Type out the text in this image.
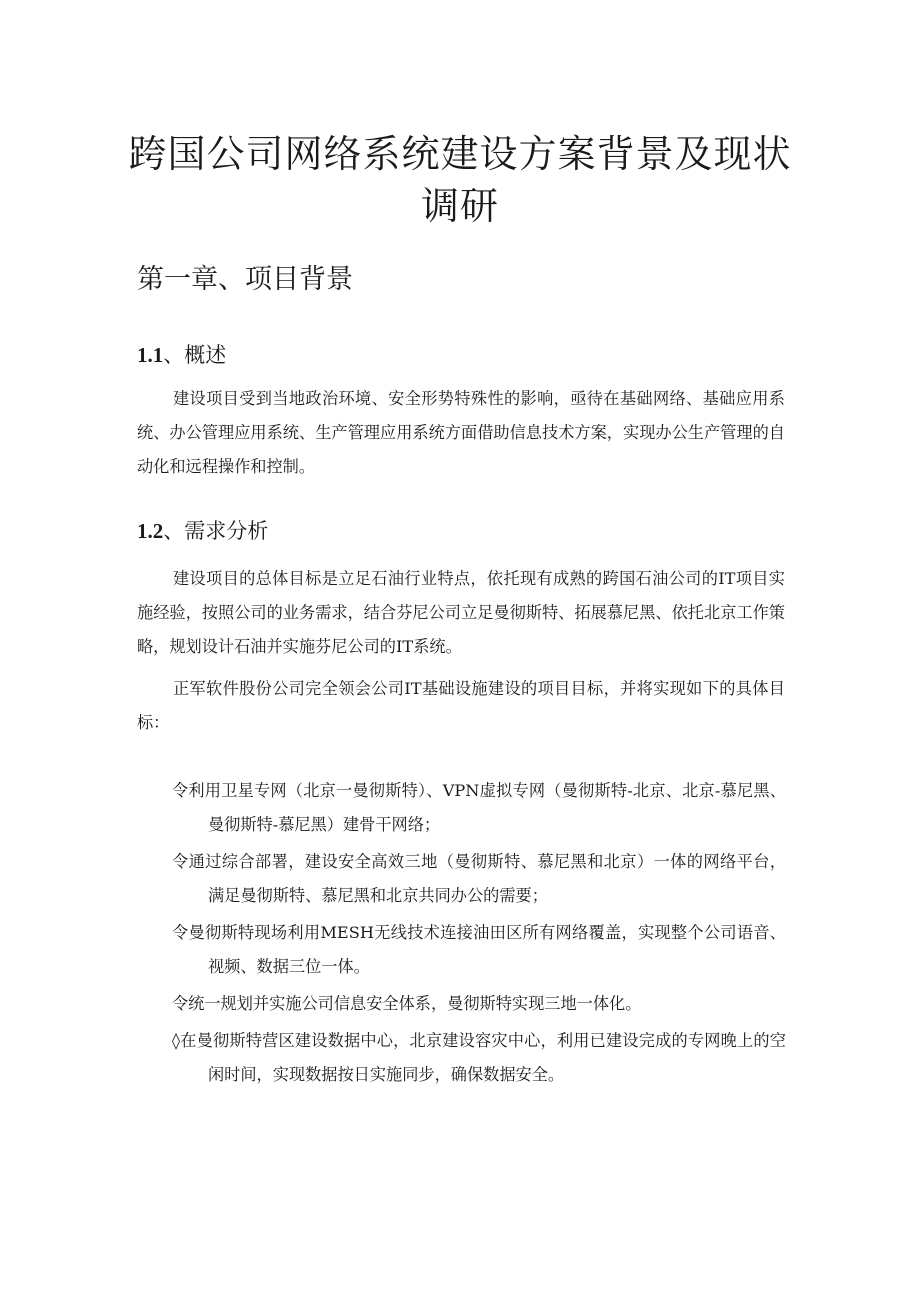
跨国公司网络系统建设方案背景及现状调研
第一章、项目背景
1.1、概述

建设项目受到当地政治环境、安全形势特殊性的影响，亟待在基础网络、基础应用系统、办公管理应用系统、生产管理应用系统方面借助信息技术方案，实现办公生产管理的自动化和远程操作和控制。

1.2、需求分析

建设项目的总体目标是立足石油行业特点，依托现有成熟的跨国石油公司的IT项目实施经验，按照公司的业务需求，结合芬尼公司立足曼彻斯特、拓展慕尼黑、依托北京工作策略，规划设计石油并实施芬尼公司的IT系统。

正军软件股份公司完全领会公司IT基础设施建设的项目目标，并将实现如下的具体目标：

令利用卫星专网（北京一曼彻斯特）、VPN虚拟专网（曼彻斯特-北京、北京-慕尼黑、曼彻斯特-慕尼黑）建骨干网络；
令通过综合部署，建设安全高效三地（曼彻斯特、慕尼黑和北京）一体的网络平台，满足曼彻斯特、慕尼黑和北京共同办公的需要；
令曼彻斯特现场利用MESH无线技术连接油田区所有网络覆盖，实现整个公司语音、视频、数据三位一体。
令统一规划并实施公司信息安全体系，曼彻斯特实现三地一体化。
◊在曼彻斯特营区建设数据中心，北京建设容灾中心，利用已建设完成的专网晚上的空闲时间，实现数据按日实施同步，确保数据安全。
